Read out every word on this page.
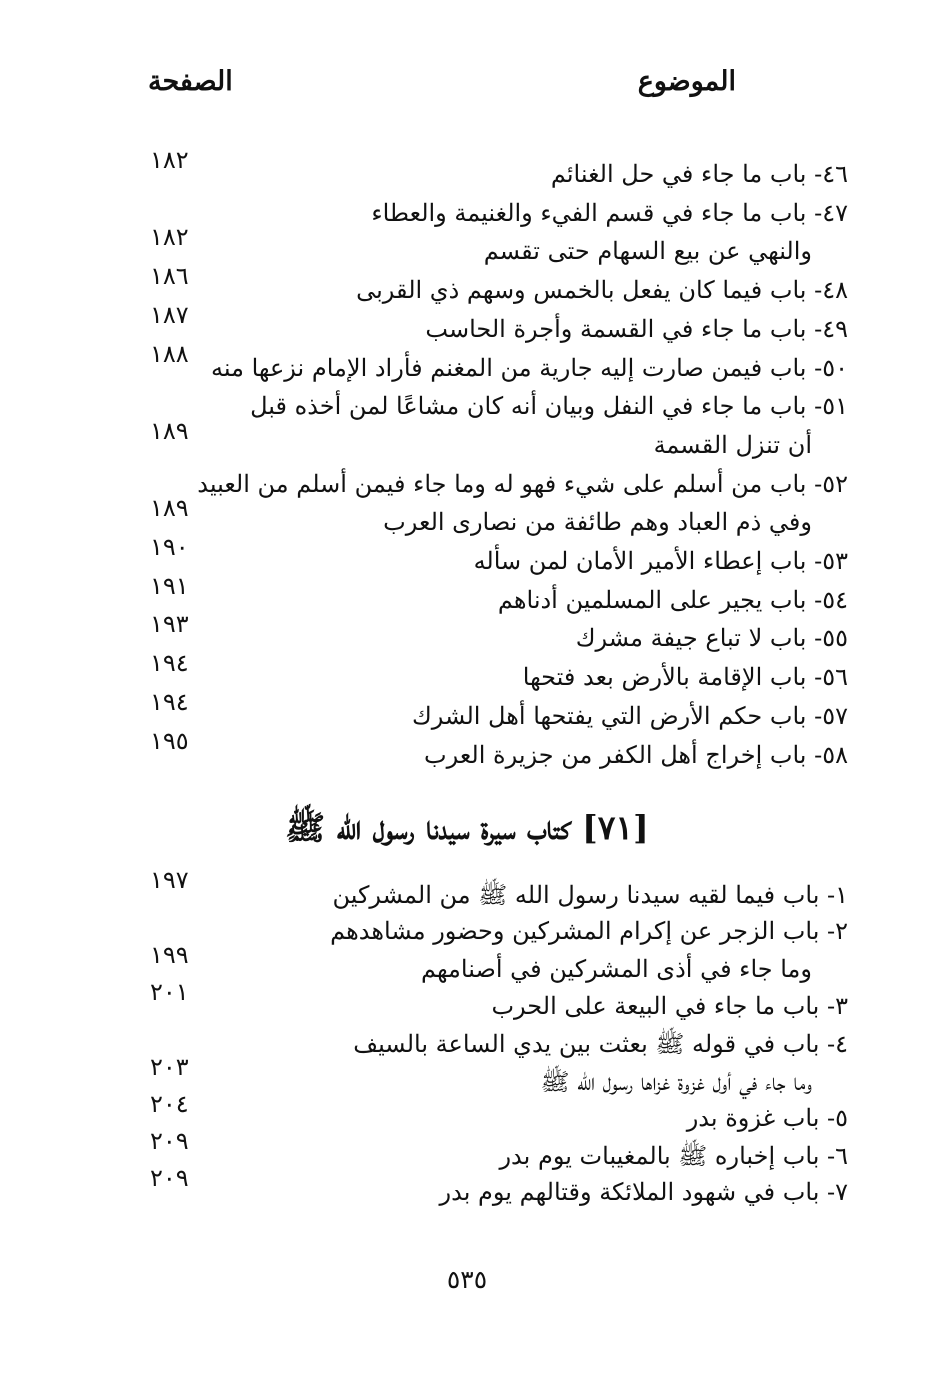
الموضوع
الصفحة
٤٦- باب ما جاء في حل الغنائم
١٨٢
٤٧- باب ما جاء في قسم الفيء والغنيمة والعطاء
والنهي عن بيع السهام حتى تقسم
١٨٢
٤٨- باب فيما كان يفعل بالخمس وسهم ذي القربى
١٨٦
٤٩- باب ما جاء في القسمة وأجرة الحاسب
١٨٧
٥٠- باب فيمن صارت إليه جارية من المغنم فأراد الإمام نزعها منه
١٨٨
٥١- باب ما جاء في النفل وبيان أنه كان مشاعًا لمن أخذه قبل
أن تنزل القسمة
١٨٩
٥٢- باب من أسلم على شيء فهو له وما جاء فيمن أسلم من العبيد
وفي ذم العباد وهم طائفة من نصارى العرب
١٨٩
٥٣- باب إعطاء الأمير الأمان لمن سأله
١٩٠
٥٤- باب يجير على المسلمين أدناهم
١٩١
٥٥- باب لا تباع جيفة مشرك
١٩٣
٥٦- باب الإقامة بالأرض بعد فتحها
١٩٤
٥٧- باب حكم الأرض التي يفتحها أهل الشرك
١٩٤
٥٨- باب إخراج أهل الكفر من جزيرة العرب
١٩٥
[٧١] كتاب سيرة سيدنا رسول الله ﷺ
١- باب فيما لقيه سيدنا رسول الله ﷺ من المشركين
١٩٧
٢- باب الزجر عن إكرام المشركين وحضور مشاهدهم
وما جاء في أذى المشركين في أصنامهم
١٩٩
٣- باب ما جاء في البيعة على الحرب
٢٠١
٤- باب في قوله ﷺ بعثت بين يدي الساعة بالسيف
وما جاء في أول غزوة غزاها رسول الله ﷺ
٢٠٣
٥- باب غزوة بدر
٢٠٤
٦- باب إخباره ﷺ بالمغيبات يوم بدر
٢٠٩
٧- باب في شهود الملائكة وقتالهم يوم بدر
٢٠٩
٥٣٥
